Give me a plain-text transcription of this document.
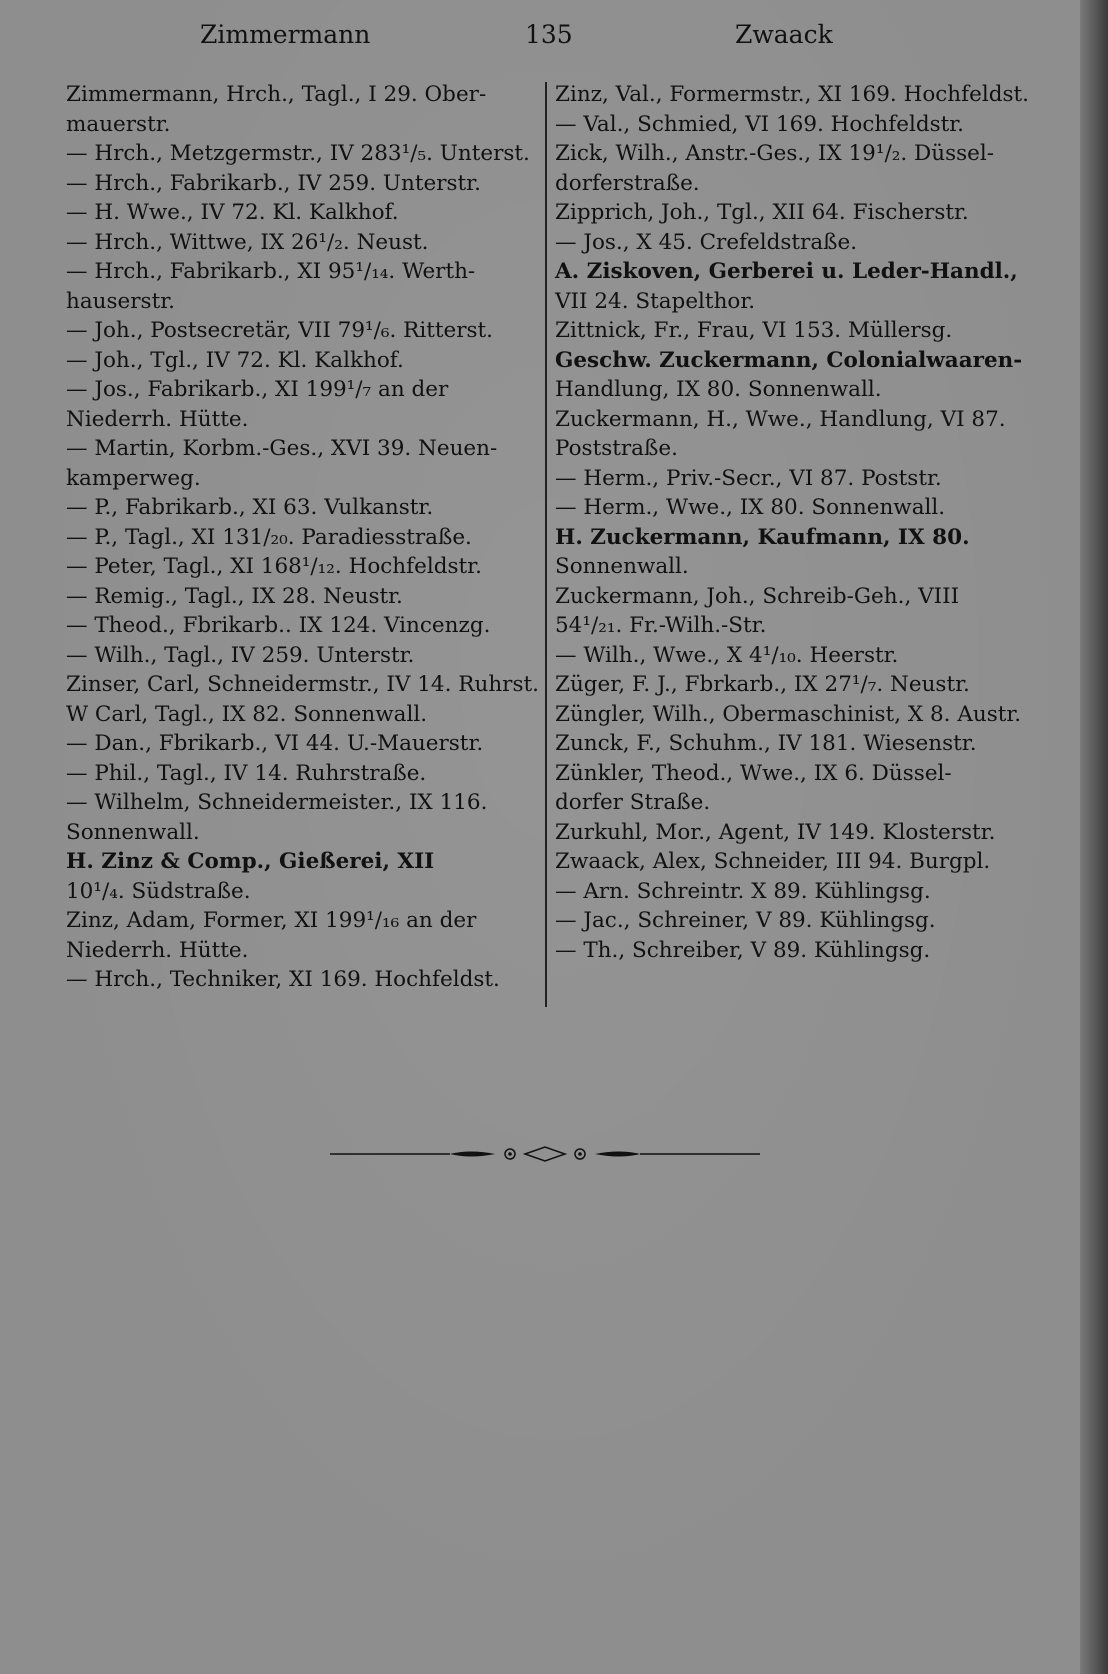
Zimmermann	135	Zwaack
Zimmermann, Hrch., Tagl., I 29. Ober-
mauerstr.
— Hrch., Metzgermstr., IV 283¹/₅. Unterst.
— Hrch., Fabrikarb., IV 259. Unterstr.
— H. Wwe., IV 72. Kl. Kalkhof.
— Hrch., Wittwe, IX 26¹/₂. Neust.
— Hrch., Fabrikarb., XI 95¹/₁₄. Werth-
hauserstr.
— Joh., Postsecretär, VII 79¹/₆. Ritterst.
— Joh., Tgl., IV 72. Kl. Kalkhof.
— Jos., Fabrikarb., XI 199¹/₇ an der
Niederrh. Hütte.
— Martin, Korbm.-Ges., XVI 39. Neuen-
kamperweg.
— P., Fabrikarb., XI 63. Vulkanstr.
— P., Tagl., XI 131/₂₀. Paradiesstraße.
— Peter, Tagl., XI 168¹/₁₂. Hochfeldstr.
— Remig., Tagl., IX 28. Neustr.
— Theod., Fbrikarb.. IX 124. Vincenzg.
— Wilh., Tagl., IV 259. Unterstr.
Zinser, Carl, Schneidermstr., IV 14. Ruhrst.
W Carl, Tagl., IX 82. Sonnenwall.
— Dan., Fbrikarb., VI 44. U.-Mauerstr.
— Phil., Tagl., IV 14. Ruhrstraße.
— Wilhelm, Schneidermeister., IX 116.
Sonnenwall.
H. Zinz & Comp., Gießerei, XII
10¹/₄. Südstraße.
Zinz, Adam, Former, XI 199¹/₁₆ an der
Niederrh. Hütte.
— Hrch., Techniker, XI 169. Hochfeldst.
Zinz, Val., Formermstr., XI 169. Hochfeldst.
— Val., Schmied, VI 169. Hochfeldstr.
Zick, Wilh., Anstr.-Ges., IX 19¹/₂. Düssel-
dorferstraße.
Zipprich, Joh., Tgl., XII 64. Fischerstr.
— Jos., X 45. Crefeldstraße.
A. Ziskoven, Gerberei u. Leder-Handl.,
VII 24. Stapelthor.
Zittnick, Fr., Frau, VI 153. Müllersg.
Geschw. Zuckermann, Colonialwaaren-
Handlung, IX 80. Sonnenwall.
Zuckermann, H., Wwe., Handlung, VI 87.
Poststraße.
— Herm., Priv.-Secr., VI 87. Poststr.
— Herm., Wwe., IX 80. Sonnenwall.
H. Zuckermann, Kaufmann, IX 80.
Sonnenwall.
Zuckermann, Joh., Schreib-Geh., VIII
54¹/₂₁. Fr.-Wilh.-Str.
— Wilh., Wwe., X 4¹/₁₀. Heerstr.
Züger, F. J., Fbrkarb., IX 27¹/₇. Neustr.
Züngler, Wilh., Obermaschinist, X 8. Austr.
Zunck, F., Schuhm., IV 181. Wiesenstr.
Zünkler, Theod., Wwe., IX 6. Düssel-
dorfer Straße.
Zurkuhl, Mor., Agent, IV 149. Klosterstr.
Zwaack, Alex, Schneider, III 94. Burgpl.
— Arn. Schreintr. X 89. Kühlingsg.
— Jac., Schreiner, V 89. Kühlingsg.
— Th., Schreiber, V 89. Kühlingsg.
